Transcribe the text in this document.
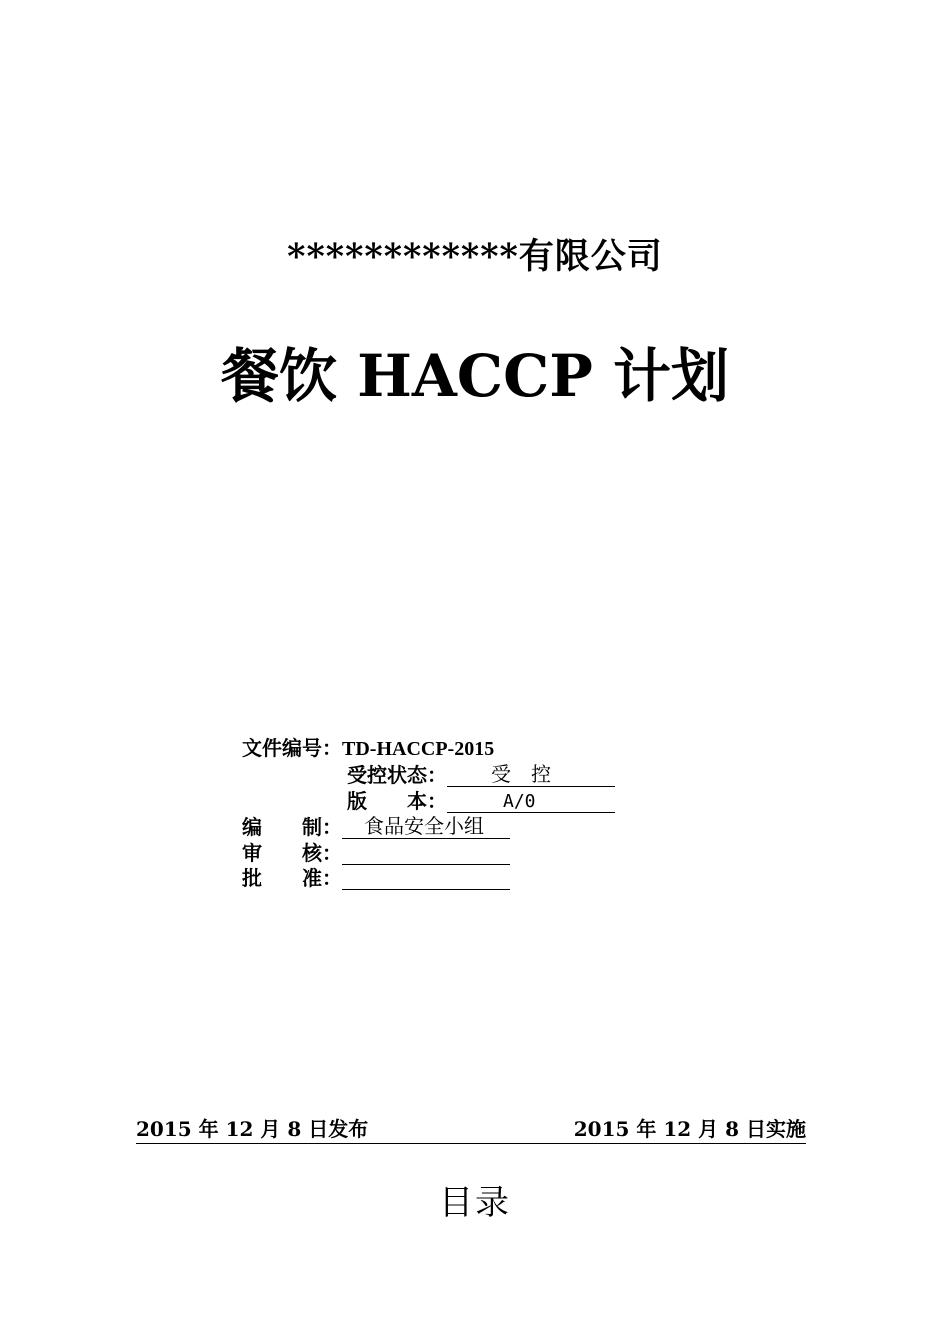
************有限公司
餐饮 HACCP 计划
文件编号：TD-HACCP-2015
受控状态： 受　控
版　　本：	A/0
编　　制： 食品安全小组
审　　核：
批　　准：
2015 年 12 月 8 日发布	2015 年 12 月 8 日实施
目录
